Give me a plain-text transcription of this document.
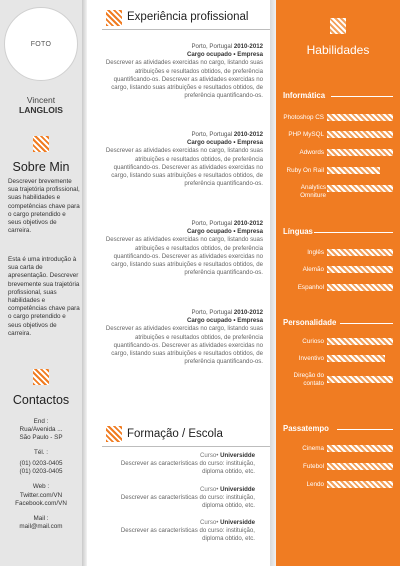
FOTO
Vincent
LANGLOIS
Sobre Min
Descrever brevemente sua trajetória profissional, suas habilidades e competências chave para o cargo pretendido e seus objetivos de carreira.
Esta é uma introdução à sua carta de apresentação. Descrever brevemente sua trajetória profissional, suas habilidades e competências chave para o cargo pretendido e seus objetivos de carreira.
Contactos
End :
Rua/Avenida ...
São Paulo - SP
Tél. :
(01) 0203-0405
(01) 0203-0405
Web :
Twitter.com/VN
Facebook.com/VN
Mail :
mail@mail.com
Experiência profissional
Porto, Portugal 2010-2012
Cargo ocupado • Empresa
Descrever as atividades exercidas no cargo, listando suas atribuições e resultados obtidos, de preferência quantificando-os. Descrever as atividades exercidas no cargo, listando suas atribuições e resultados obtidos, de preferência quantificando-os.
Porto, Portugal 2010-2012
Cargo ocupado • Empresa
Descrever as atividades exercidas no cargo, listando suas atribuições e resultados obtidos, de preferência quantificando-os. Descrever as atividades exercidas no cargo, listando suas atribuições e resultados obtidos, de preferência quantificando-os.
Porto, Portugal 2010-2012
Cargo ocupado • Empresa
Descrever as atividades exercidas no cargo, listando suas atribuições e resultados obtidos, de preferência quantificando-os. Descrever as atividades exercidas no cargo, listando suas atribuições e resultados obtidos, de preferência quantificando-os.
Porto, Portugal 2010-2012
Cargo ocupado • Empresa
Descrever as atividades exercidas no cargo, listando suas atribuições e resultados obtidos, de preferência quantificando-os. Descrever as atividades exercidas no cargo, listando suas atribuições e resultados obtidos, de preferência quantificando-os.
Formação / Escola
Curso• Universidde
Descrever as características do curso: instituição, diploma obtido, etc.
Curso• Universidde
Descrever as características do curso: instituição, diploma obtido, etc.
Curso• Universidde
Descrever as características do curso: instituição, diploma obtido, etc.
Habilidades
Informática
Photoshop CS
PHP MySQL
Adwords
Ruby On Rail
Analytics Omniture
Línguas
Inglês
Alemão
Espanhol
Personalidade
Curioso
Inventivo
Direção do contato
Passatempo
Cinema
Futebol
Lendo
